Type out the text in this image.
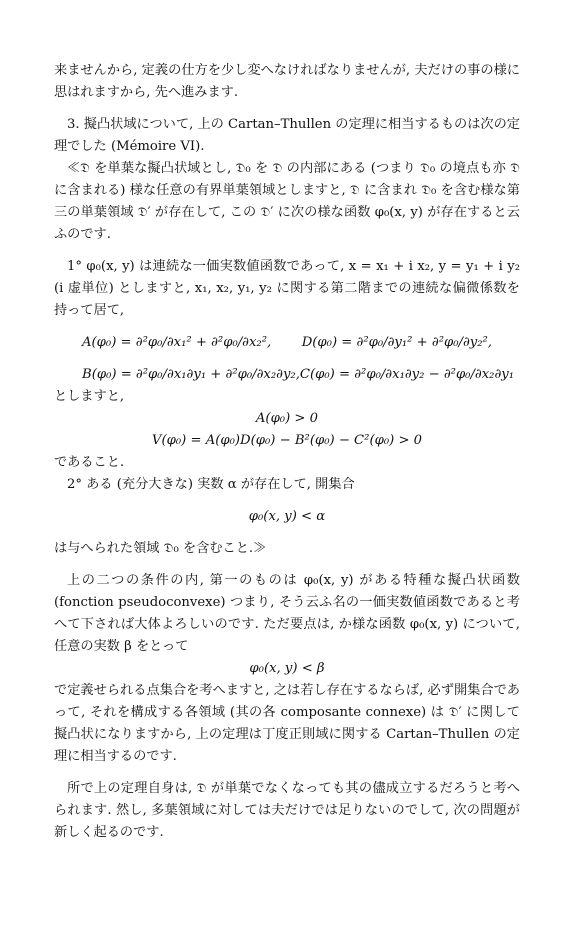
来ませんから, 定義の仕方を少し変へなければなりませんが, 夫だけの事の様に思はれますから, 先へ進みます.

3. 擬凸状域について, 上の Cartan–Thullen の定理に相当するものは次の定理でした (Mémoire VI).

≪𝔇 を単葉な擬凸状域とし, 𝔇₀ を 𝔇 の内部にある (つまり 𝔇₀ の境点も亦 𝔇 に含まれる) 様な任意の有界単葉領域としますと, 𝔇 に含まれ 𝔇₀ を含む様な第三の単葉領域 𝔇′ が存在して, この 𝔇′ に次の様な函数 φ₀(x, y) が存在すると云ふのです.

1° φ₀(x, y) は連続な一価実数値函数であって, x = x₁ + i x₂, y = y₁ + i y₂ (i 虚単位) としますと, x₁, x₂, y₁, y₂ に関する第二階までの連続な偏微係数を持って居て,

A(φ₀) = ∂²φ₀/∂x₁² + ∂²φ₀/∂x₂², D(φ₀) = ∂²φ₀/∂y₁² + ∂²φ₀/∂y₂²,
B(φ₀) = ∂²φ₀/∂x₁∂y₁ + ∂²φ₀/∂x₂∂y₂, C(φ₀) = ∂²φ₀/∂x₁∂y₂ − ∂²φ₀/∂x₂∂y₁

としますと,

A(φ₀) > 0
V(φ₀) = A(φ₀)D(φ₀) − B²(φ₀) − C²(φ₀) > 0

であること.

2° ある (充分大きな) 実数 α が存在して, 開集合

φ₀(x, y) < α

は与へられた領域 𝔇₀ を含むこと.≫

上の二つの条件の内, 第一のものは φ₀(x, y) がある特種な擬凸状函数 (fonction pseudoconvexe) つまり, そう云ふ名の一価実数値函数であると考へて下されば大体よろしいのです. ただ要点は, か様な函数 φ₀(x, y) について, 任意の実数 β をとって

φ₀(x, y) < β

で定義せられる点集合を考へますと, 之は若し存在するならば, 必ず開集合であって, それを構成する各領域 (其の各 composante connexe) は 𝔇′ に関して擬凸状になりますから, 上の定理は丁度正則域に関する Cartan–Thullen の定理に相当するのです.

所で上の定理自身は, 𝔇 が単葉でなくなっても其の儘成立するだろうと考へられます. 然し, 多葉領域に対しては夫だけでは足りないのでして, 次の問題が新しく起るのです.
